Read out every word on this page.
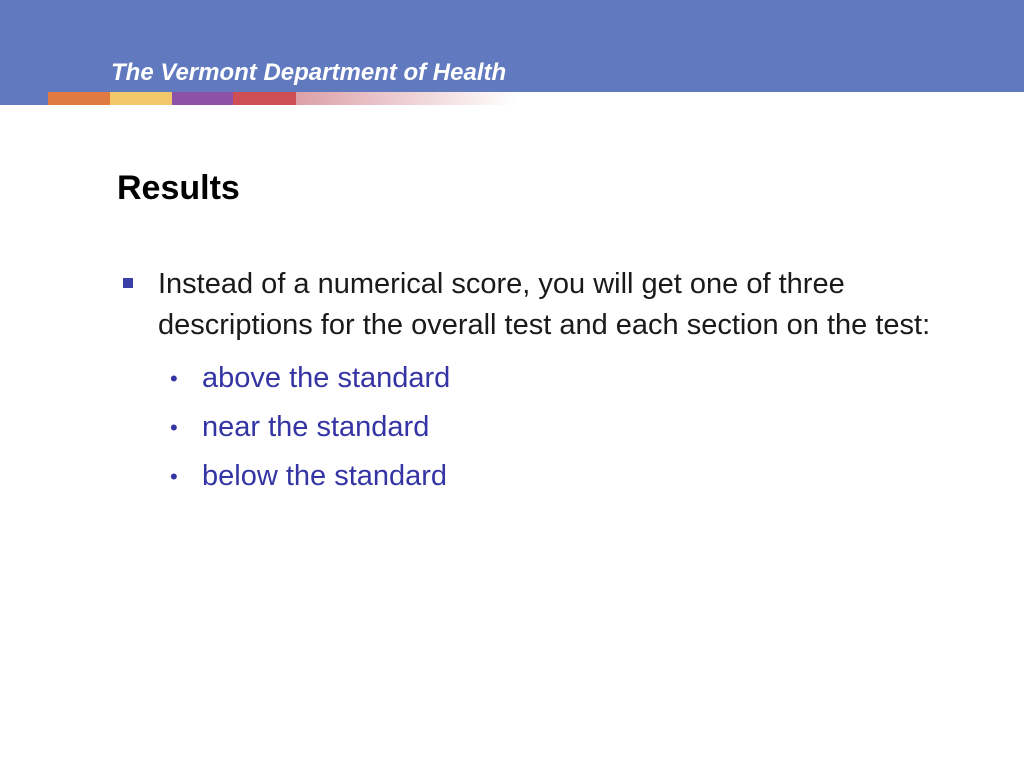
The Vermont Department of Health
Results
Instead of a numerical score, you will get one of three descriptions for the overall test and each section on the test:
• above the standard
• near the standard
• below the standard
